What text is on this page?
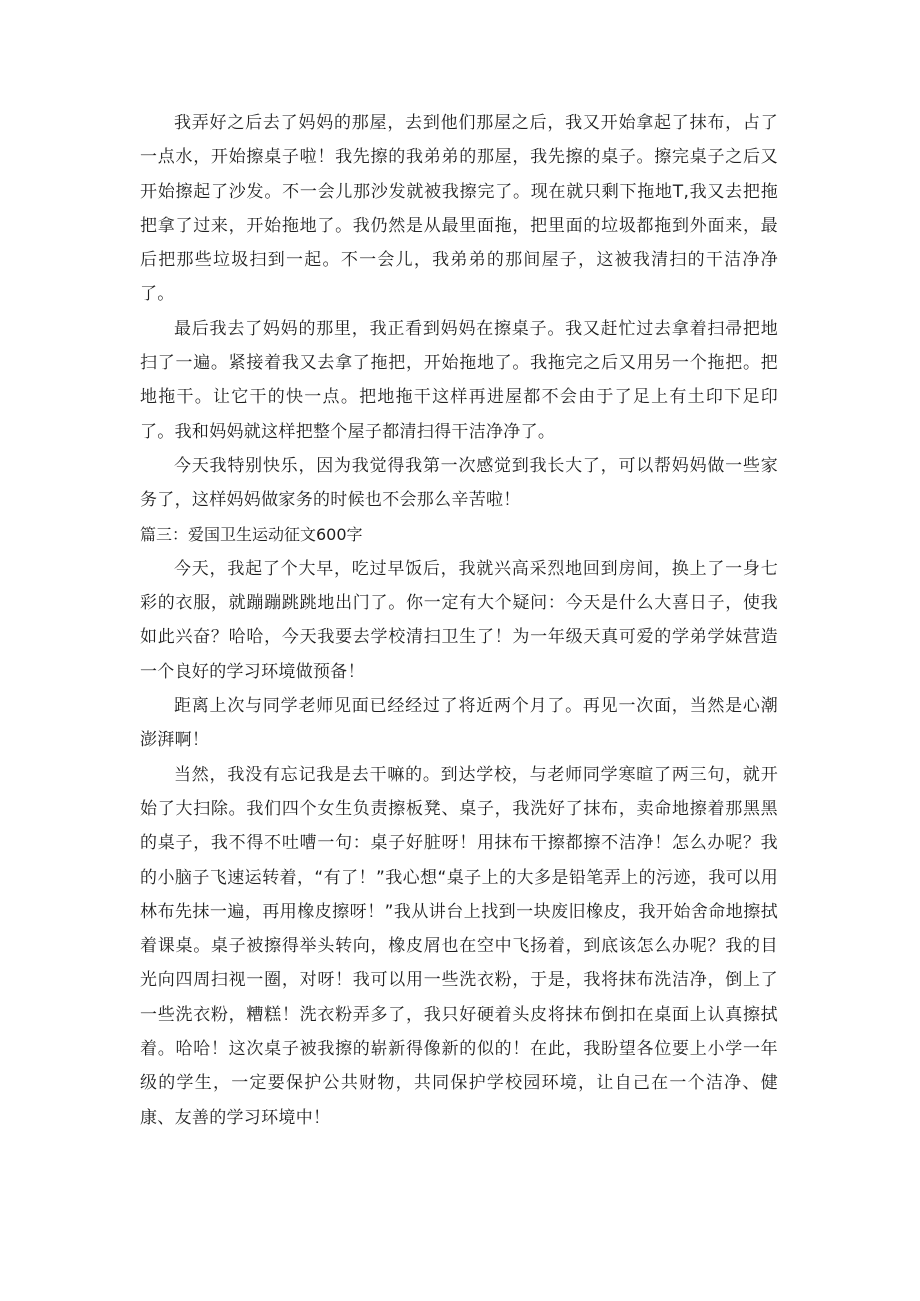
我弄好之后去了妈妈的那屋，去到他们那屋之后，我又开始拿起了抹布，占了一点水，开始擦桌子啦！我先擦的我弟弟的那屋，我先擦的桌子。擦完桌子之后又开始擦起了沙发。不一会儿那沙发就被我擦完了。现在就只剩下拖地T,我又去把拖把拿了过来，开始拖地了。我仍然是从最里面拖，把里面的垃圾都拖到外面来，最后把那些垃圾扫到一起。不一会儿，我弟弟的那间屋子，这被我清扫的干洁净净了。

最后我去了妈妈的那里，我正看到妈妈在擦桌子。我又赶忙过去拿着扫帚把地扫了一遍。紧接着我又去拿了拖把，开始拖地了。我拖完之后又用另一个拖把。把地拖干。让它干的快一点。把地拖干这样再进屋都不会由于了足上有土印下足印了。我和妈妈就这样把整个屋子都清扫得干洁净净了。

今天我特别快乐，因为我觉得我第一次感觉到我长大了，可以帮妈妈做一些家务了，这样妈妈做家务的时候也不会那么辛苦啦！

篇三：爱国卫生运动征文600字

今天，我起了个大早，吃过早饭后，我就兴高采烈地回到房间，换上了一身七彩的衣服，就蹦蹦跳跳地出门了。你一定有大个疑问：今天是什么大喜日子，使我如此兴奋？哈哈，今天我要去学校清扫卫生了！为一年级天真可爱的学弟学妹营造一个良好的学习环境做预备！

距离上次与同学老师见面已经经过了将近两个月了。再见一次面，当然是心潮澎湃啊！

当然，我没有忘记我是去干嘛的。到达学校，与老师同学寒暄了两三句，就开始了大扫除。我们四个女生负责擦板凳、桌子，我洗好了抹布，卖命地擦着那黑黑的桌子，我不得不吐嘈一句：桌子好脏呀！用抹布干擦都擦不洁净！怎么办呢？我的小脑子飞速运转着，“有了！”我心想“桌子上的大多是铅笔弄上的污迹，我可以用林布先抹一遍，再用橡皮擦呀！”我从讲台上找到一块废旧橡皮，我开始舍命地擦拭着课桌。桌子被擦得举头转向，橡皮屑也在空中飞扬着，到底该怎么办呢？我的目光向四周扫视一圈，对呀！我可以用一些洗衣粉，于是，我将抹布洗洁净，倒上了一些洗衣粉，糟糕！洗衣粉弄多了，我只好硬着头皮将抹布倒扣在桌面上认真擦拭着。哈哈！这次桌子被我擦的崭新得像新的似的！在此，我盼望各位要上小学一年级的学生，一定要保护公共财物，共同保护学校园环境，让自己在一个洁净、健康、友善的学习环境中！
